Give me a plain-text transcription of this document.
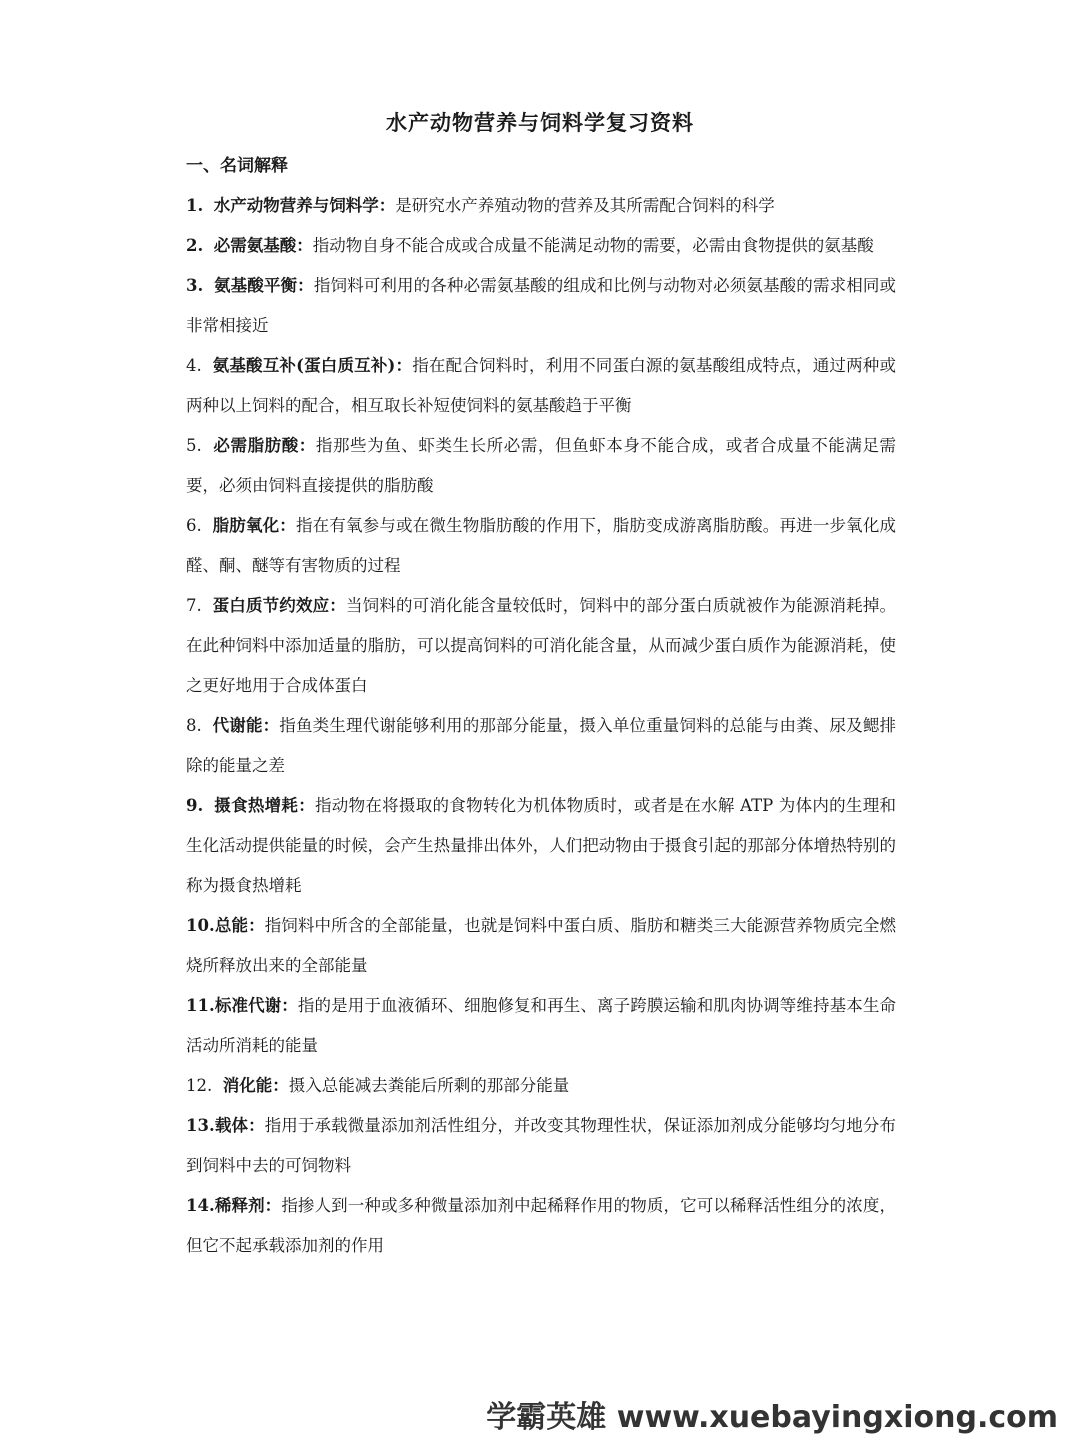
水产动物营养与饲料学复习资料
一、名词解释

1. 水产动物营养与饲料学：是研究水产养殖动物的营养及其所需配合饲料的科学

2. 必需氨基酸：指动物自身不能合成或合成量不能满足动物的需要，必需由食物提供的氨基酸

3. 氨基酸平衡：指饲料可利用的各种必需氨基酸的组成和比例与动物对必须氨基酸的需求相同或非常相接近

4. 氨基酸互补(蛋白质互补)：指在配合饲料时，利用不同蛋白源的氨基酸组成特点，通过两种或两种以上饲料的配合，相互取长补短使饲料的氨基酸趋于平衡

5. 必需脂肪酸：指那些为鱼、虾类生长所必需，但鱼虾本身不能合成，或者合成量不能满足需要，必须由饲料直接提供的脂肪酸

6. 脂肪氧化：指在有氧参与或在微生物脂肪酸的作用下，脂肪变成游离脂肪酸。再进一步氧化成醛、酮、醚等有害物质的过程

7. 蛋白质节约效应：当饲料的可消化能含量较低时，饲料中的部分蛋白质就被作为能源消耗掉。在此种饲料中添加适量的脂肪，可以提高饲料的可消化能含量，从而减少蛋白质作为能源消耗，使之更好地用于合成体蛋白

8. 代谢能：指鱼类生理代谢能够利用的那部分能量，摄入单位重量饲料的总能与由粪、尿及鳃排除的能量之差

9. 摄食热增耗：指动物在将摄取的食物转化为机体物质时，或者是在水解 ATP 为体内的生理和生化活动提供能量的时候，会产生热量排出体外，人们把动物由于摄食引起的那部分体增热特别的称为摄食热增耗

10.总能：指饲料中所含的全部能量，也就是饲料中蛋白质、脂肪和糖类三大能源营养物质完全燃烧所释放出来的全部能量

11.标准代谢：指的是用于血液循环、细胞修复和再生、离子跨膜运输和肌肉协调等维持基本生命活动所消耗的能量

12. 消化能：摄入总能减去粪能后所剩的那部分能量

13.载体：指用于承载微量添加剂活性组分，并改变其物理性状，保证添加剂成分能够均匀地分布到饲料中去的可饲物料

14.稀释剂：指掺人到一种或多种微量添加剂中起稀释作用的物质，它可以稀释活性组分的浓度，但它不起承载添加剂的作用

学霸英雄 www.xuebayingxiong.com
